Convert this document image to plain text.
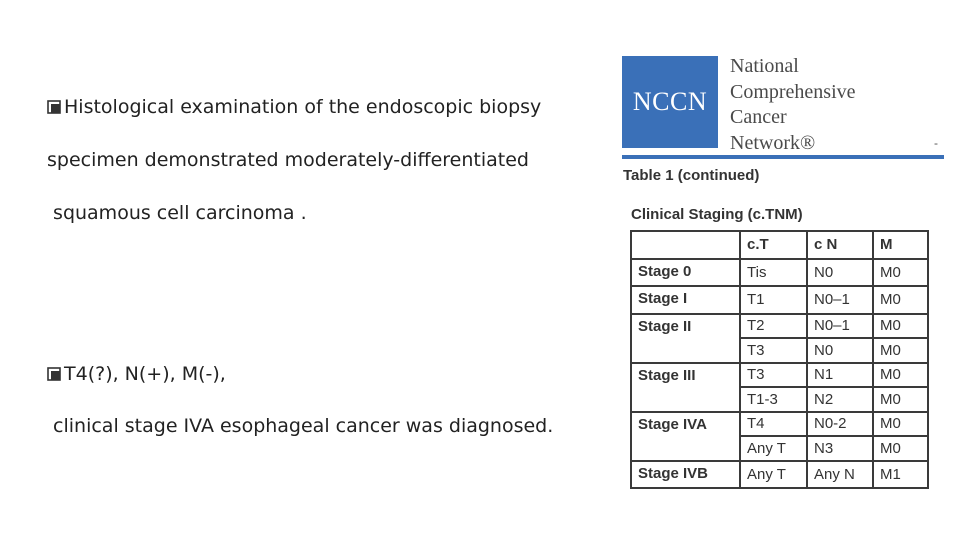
Histological examination of the endoscopic biopsy
specimen demonstrated moderately-differentiated
squamous cell carcinoma .
T4(?), N(+), M(-),
clinical stage IVA esophageal cancer was diagnosed.
NCCN
National
Comprehensive
Cancer
Network®	-
Table 1 (continued)
Clinical Staging (c.TNM)
	c.T	c N	M
Stage 0	Tis	N0	M0
Stage I	T1	N0–1	M0
Stage II	T2	N0–1	M0
	T3	N0	M0
Stage III	T3	N1	M0
	T1-3	N2	M0
Stage IVA	T4	N0-2	M0
	Any T	N3	M0
Stage IVB	Any T	Any N	M1
